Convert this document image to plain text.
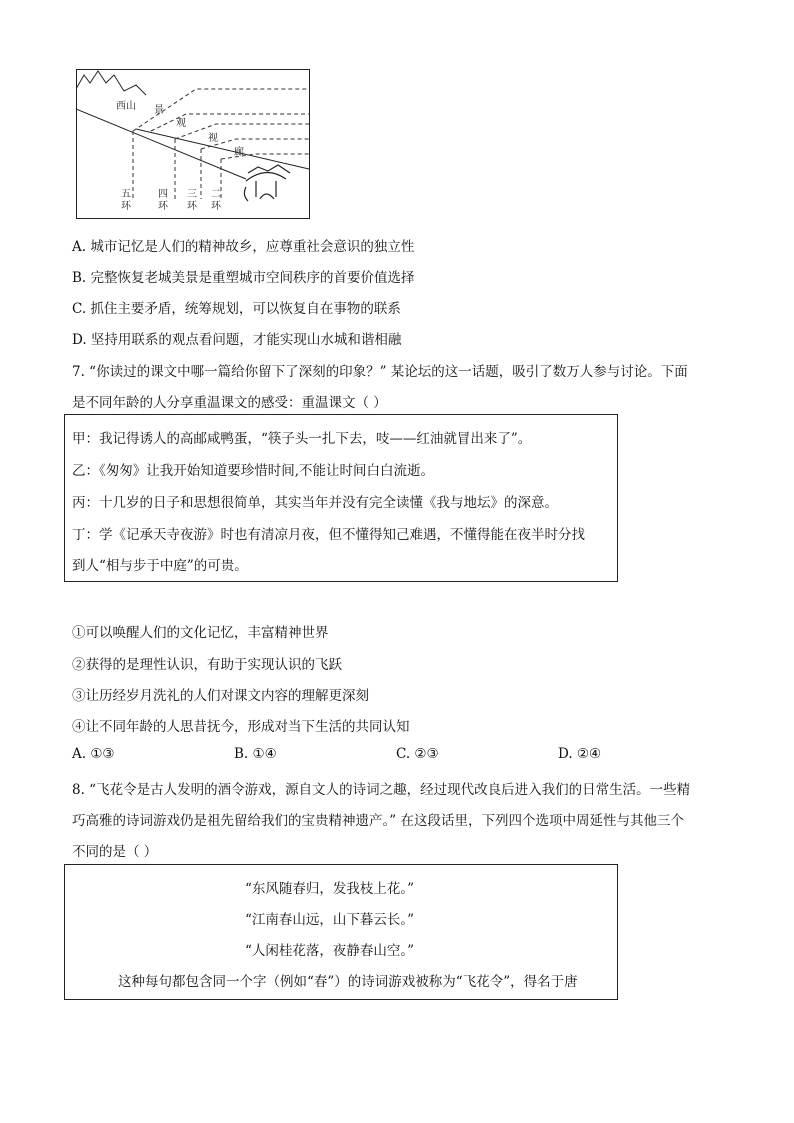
西山 景
观
视
廊
五
环
四
环
三
环
二
环
A. 城市记忆是人们的精神故乡，应尊重社会意识的独立性
B. 完整恢复老城美景是重塑城市空间秩序的首要价值选择
C. 抓住主要矛盾，统筹规划，可以恢复自在事物的联系
D. 坚持用联系的观点看问题，才能实现山水城和谐相融
7. “你读过的课文中哪一篇给你留下了深刻的印象？” 某论坛的这一话题，吸引了数万人参与讨论。下面
是不同年龄的人分享重温课文的感受：重温课文（ ）
甲：我记得诱人的高邮咸鸭蛋，“筷子头一扎下去，吱——红油就冒出来了”。
乙：《匆匆》让我开始知道要珍惜时间,不能让时间白白流逝。
丙：十几岁的日子和思想很简单，其实当年并没有完全读懂《我与地坛》的深意。
丁：学《记承天寺夜游》时也有清凉月夜，但不懂得知己难遇，不懂得能在夜半时分找
到人“相与步于中庭”的可贵。
①可以唤醒人们的文化记忆，丰富精神世界
②获得的是理性认识，有助于实现认识的飞跃
③让历经岁月洗礼的人们对课文内容的理解更深刻
④让不同年龄的人思昔抚今，形成对当下生活的共同认知
A. ①③	B. ①④	C. ②③	D. ②④
8. “飞花令是古人发明的酒令游戏，源自文人的诗词之趣，经过现代改良后进入我们的日常生活。一些精
巧高雅的诗词游戏仍是祖先留给我们的宝贵精神遗产。” 在这段话里，下列四个选项中周延性与其他三个
不同的是（ ）
“东风随春归，发我枝上花。”
“江南春山远，山下暮云长。”
“人闲桂花落，夜静春山空。”
这种每句都包含同一个字（例如“春”）的诗词游戏被称为“飞花令”，得名于唐
